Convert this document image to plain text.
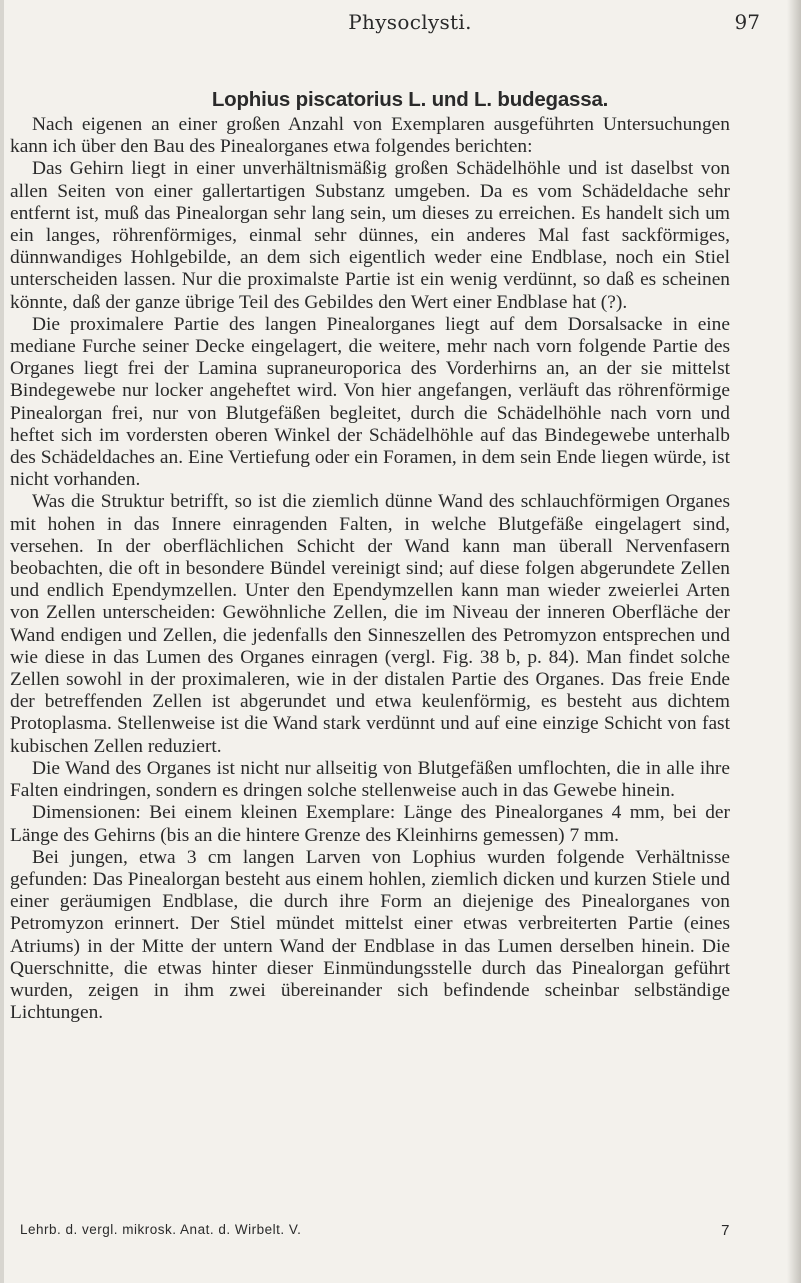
Physoclysti.	97
Lophius piscatorius L. und L. budegassa.

Nach eigenen an einer großen Anzahl von Exemplaren ausgeführten Untersuchungen kann ich über den Bau des Pinealorganes etwa folgendes berichten:

Das Gehirn liegt in einer unverhältnismäßig großen Schädelhöhle und ist daselbst von allen Seiten von einer gallertartigen Substanz umgeben. Da es vom Schädeldache sehr entfernt ist, muß das Pinealorgan sehr lang sein, um dieses zu erreichen. Es handelt sich um ein langes, röhrenförmiges, einmal sehr dünnes, ein anderes Mal fast sackförmiges, dünnwandiges Hohlgebilde, an dem sich eigentlich weder eine Endblase, noch ein Stiel unterscheiden lassen. Nur die proximalste Partie ist ein wenig verdünnt, so daß es scheinen könnte, daß der ganze übrige Teil des Gebildes den Wert einer Endblase hat (?).

Die proximalere Partie des langen Pinealorganes liegt auf dem Dorsalsacke in eine mediane Furche seiner Decke eingelagert, die weitere, mehr nach vorn folgende Partie des Organes liegt frei der Lamina supraneuroporica des Vorderhirns an, an der sie mittelst Bindegewebe nur locker angeheftet wird. Von hier angefangen, verläuft das röhrenförmige Pinealorgan frei, nur von Blutgefäßen begleitet, durch die Schädelhöhle nach vorn und heftet sich im vordersten oberen Winkel der Schädelhöhle auf das Bindegewebe unterhalb des Schädeldaches an. Eine Vertiefung oder ein Foramen, in dem sein Ende liegen würde, ist nicht vorhanden.

Was die Struktur betrifft, so ist die ziemlich dünne Wand des schlauchförmigen Organes mit hohen in das Innere einragenden Falten, in welche Blutgefäße eingelagert sind, versehen. In der oberflächlichen Schicht der Wand kann man überall Nervenfasern beobachten, die oft in besondere Bündel vereinigt sind; auf diese folgen abgerundete Zellen und endlich Ependymzellen. Unter den Ependymzellen kann man wieder zweierlei Arten von Zellen unterscheiden: Gewöhnliche Zellen, die im Niveau der inneren Oberfläche der Wand endigen und Zellen, die jedenfalls den Sinneszellen des Petromyzon entsprechen und wie diese in das Lumen des Organes einragen (vergl. Fig. 38 b, p. 84). Man findet solche Zellen sowohl in der proximaleren, wie in der distalen Partie des Organes. Das freie Ende der betreffenden Zellen ist abgerundet und etwa keulenförmig, es besteht aus dichtem Protoplasma. Stellenweise ist die Wand stark verdünnt und auf eine einzige Schicht von fast kubischen Zellen reduziert.

Die Wand des Organes ist nicht nur allseitig von Blutgefäßen umflochten, die in alle ihre Falten eindringen, sondern es dringen solche stellenweise auch in das Gewebe hinein.

Dimensionen: Bei einem kleinen Exemplare: Länge des Pinealorganes 4 mm, bei der Länge des Gehirns (bis an die hintere Grenze des Kleinhirns gemessen) 7 mm.

Bei jungen, etwa 3 cm langen Larven von Lophius wurden folgende Verhältnisse gefunden: Das Pinealorgan besteht aus einem hohlen, ziemlich dicken und kurzen Stiele und einer geräumigen Endblase, die durch ihre Form an diejenige des Pinealorganes von Petromyzon erinnert. Der Stiel mündet mittelst einer etwas verbreiterten Partie (eines Atriums) in der Mitte der untern Wand der Endblase in das Lumen derselben hinein. Die Querschnitte, die etwas hinter dieser Einmündungsstelle durch das Pinealorgan geführt wurden, zeigen in ihm zwei übereinander sich befindende scheinbar selbständige Lichtungen.

Lehrb. d. vergl. mikrosk. Anat. d. Wirbelt. V.	7
